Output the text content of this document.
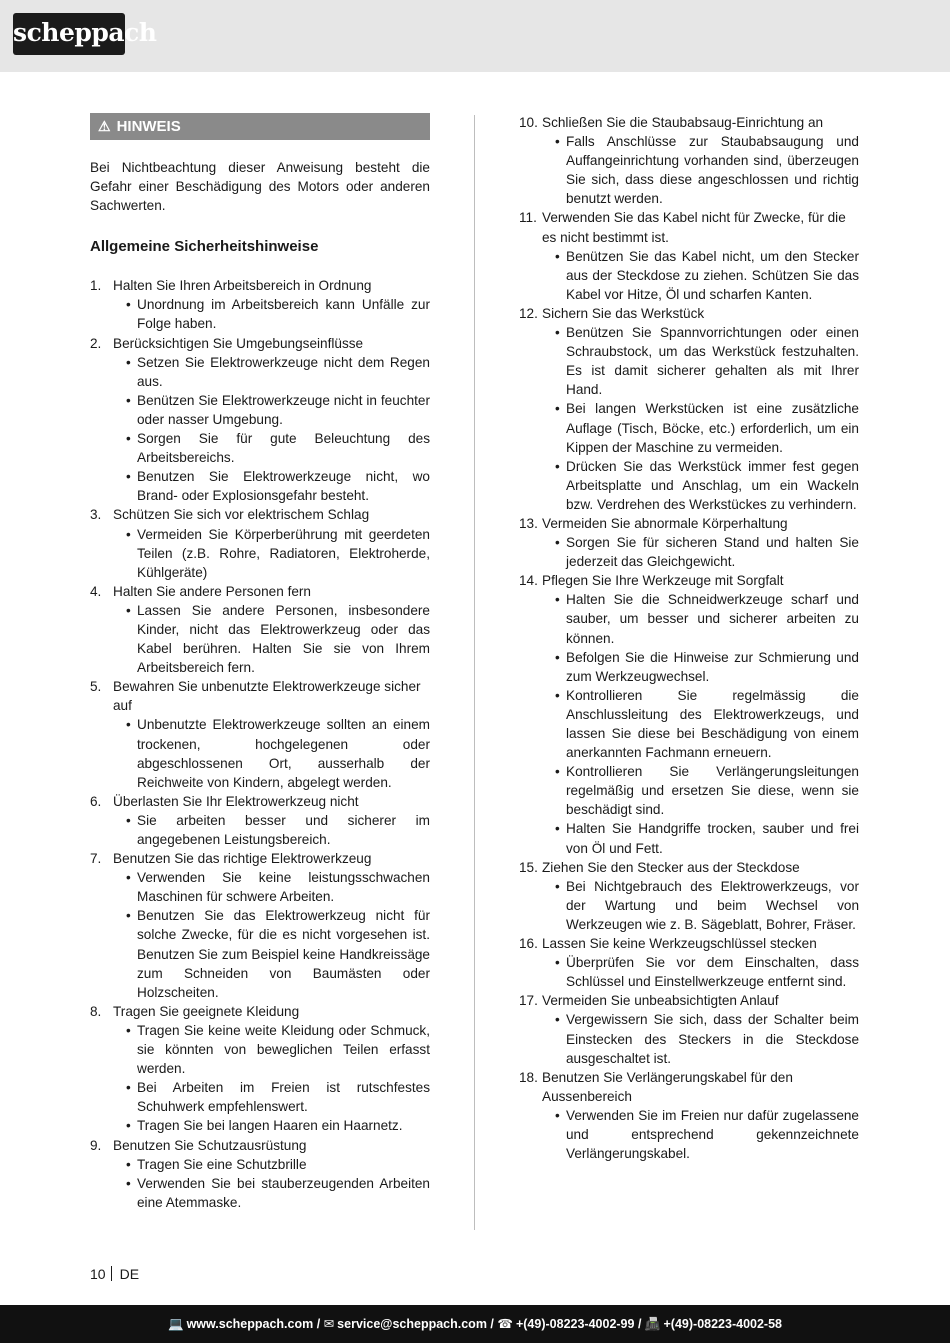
scheppach
⚠ HINWEIS

Bei Nichtbeachtung dieser Anweisung besteht die Gefahr einer Beschädigung des Motors oder anderen Sachwerten.

Allgemeine Sicherheitshinweise
1. Halten Sie Ihren Arbeitsbereich in Ordnung
• Unordnung im Arbeitsbereich kann Unfälle zur Folge haben.
2. Berücksichtigen Sie Umgebungseinflüsse
• Setzen Sie Elektrowerkzeuge nicht dem Regen aus.
• Benützen Sie Elektrowerkzeuge nicht in feuchter oder nasser Umgebung.
• Sorgen Sie für gute Beleuchtung des Arbeitsbereichs.
• Benutzen Sie Elektrowerkzeuge nicht, wo Brand- oder Explosionsgefahr besteht.
3. Schützen Sie sich vor elektrischem Schlag
• Vermeiden Sie Körperberührung mit geerdeten Teilen (z.B. Rohre, Radiatoren, Elektroherde, Kühlgeräte)
4. Halten Sie andere Personen fern
• Lassen Sie andere Personen, insbesondere Kinder, nicht das Elektrowerkzeug oder das Kabel berühren. Halten Sie sie von Ihrem Arbeitsbereich fern.
5. Bewahren Sie unbenutzte Elektrowerkzeuge sicher auf
• Unbenutzte Elektrowerkzeuge sollten an einem trockenen, hochgelegenen oder abgeschlossenen Ort, ausserhalb der Reichweite von Kindern, abgelegt werden.
6. Überlasten Sie Ihr Elektrowerkzeug nicht
• Sie arbeiten besser und sicherer im angegebenen Leistungsbereich.
7. Benutzen Sie das richtige Elektrowerkzeug
• Verwenden Sie keine leistungsschwachen Maschinen für schwere Arbeiten.
• Benutzen Sie das Elektrowerkzeug nicht für solche Zwecke, für die es nicht vorgesehen ist. Benutzen Sie zum Beispiel keine Handkreissäge zum Schneiden von Baumästen oder Holzscheiten.
8. Tragen Sie geeignete Kleidung
• Tragen Sie keine weite Kleidung oder Schmuck, sie könnten von beweglichen Teilen erfasst werden.
• Bei Arbeiten im Freien ist rutschfestes Schuhwerk empfehlenswert.
• Tragen Sie bei langen Haaren ein Haarnetz.
9. Benutzen Sie Schutzausrüstung
• Tragen Sie eine Schutzbrille
• Verwenden Sie bei stauberzeugenden Arbeiten eine Atemmaske.
10. Schließen Sie die Staubabsaug-Einrichtung an
• Falls Anschlüsse zur Staubabsaugung und Auffangeinrichtung vorhanden sind, überzeugen Sie sich, dass diese angeschlossen und richtig benutzt werden.
11. Verwenden Sie das Kabel nicht für Zwecke, für die es nicht bestimmt ist.
• Benützen Sie das Kabel nicht, um den Stecker aus der Steckdose zu ziehen. Schützen Sie das Kabel vor Hitze, Öl und scharfen Kanten.
12. Sichern Sie das Werkstück
• Benützen Sie Spannvorrichtungen oder einen Schraubstock, um das Werkstück festzuhalten. Es ist damit sicherer gehalten als mit Ihrer Hand.
• Bei langen Werkstücken ist eine zusätzliche Auflage (Tisch, Böcke, etc.) erforderlich, um ein Kippen der Maschine zu vermeiden.
• Drücken Sie das Werkstück immer fest gegen Arbeitsplatte und Anschlag, um ein Wackeln bzw. Verdrehen des Werkstückes zu verhindern.
13. Vermeiden Sie abnormale Körperhaltung
• Sorgen Sie für sicheren Stand und halten Sie jederzeit das Gleichgewicht.
14. Pflegen Sie Ihre Werkzeuge mit Sorgfalt
• Halten Sie die Schneidwerkzeuge scharf und sauber, um besser und sicherer arbeiten zu können.
• Befolgen Sie die Hinweise zur Schmierung und zum Werkzeugwechsel.
• Kontrollieren Sie regelmässig die Anschlussleitung des Elektrowerkzeugs, und lassen Sie diese bei Beschädigung von einem anerkannten Fachmann erneuern.
• Kontrollieren Sie Verlängerungsleitungen regelmäßig und ersetzen Sie diese, wenn sie beschädigt sind.
• Halten Sie Handgriffe trocken, sauber und frei von Öl und Fett.
15. Ziehen Sie den Stecker aus der Steckdose
• Bei Nichtgebrauch des Elektrowerkzeugs, vor der Wartung und beim Wechsel von Werkzeugen wie z. B. Sägeblatt, Bohrer, Fräser.
16. Lassen Sie keine Werkzeugschlüssel stecken
• Überprüfen Sie vor dem Einschalten, dass Schlüssel und Einstellwerkzeuge entfernt sind.
17. Vermeiden Sie unbeabsichtigten Anlauf
• Vergewissern Sie sich, dass der Schalter beim Einstecken des Steckers in die Steckdose ausgeschaltet ist.
18. Benutzen Sie Verlängerungskabel für den Aussenbereich
• Verwenden Sie im Freien nur dafür zugelassene und entsprechend gekennzeichnete Verlängerungskabel.
10 DE
💻 www.scheppach.com / ✉ service@scheppach.com / ☎ +(49)-08223-4002-99 / 📠 +(49)-08223-4002-58
